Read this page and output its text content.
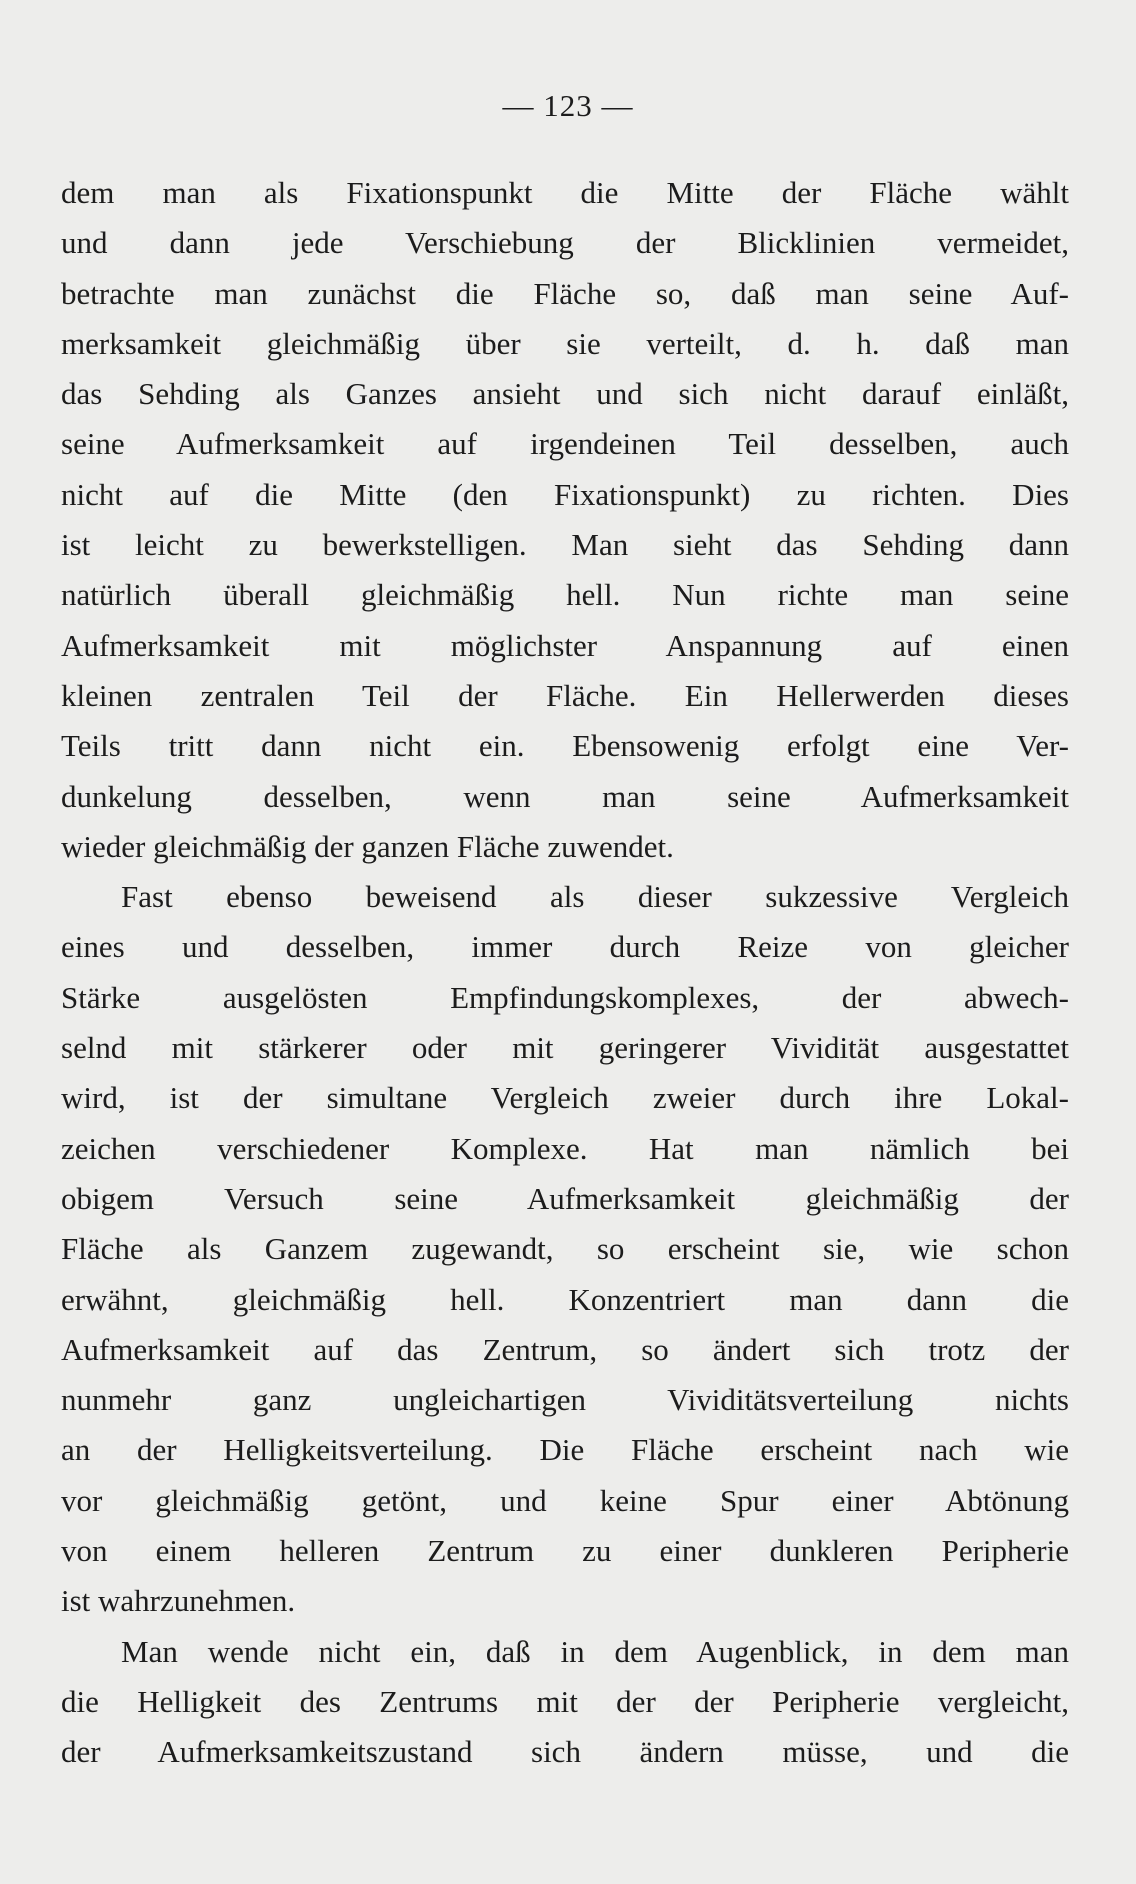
— 123 —
dem man als Fixationspunkt die Mitte der Fläche wählt
und dann jede Verschiebung der Blicklinien vermeidet,
betrachte man zunächst die Fläche so, daß man seine Auf-
merksamkeit gleichmäßig über sie verteilt, d. h. daß man
das Sehding als Ganzes ansieht und sich nicht darauf einläßt,
seine Aufmerksamkeit auf irgendeinen Teil desselben, auch
nicht auf die Mitte (den Fixationspunkt) zu richten. Dies
ist leicht zu bewerkstelligen. Man sieht das Sehding dann
natürlich überall gleichmäßig hell. Nun richte man seine
Aufmerksamkeit mit möglichster Anspannung auf einen
kleinen zentralen Teil der Fläche. Ein Hellerwerden dieses
Teils tritt dann nicht ein. Ebensowenig erfolgt eine Ver-
dunkelung desselben, wenn man seine Aufmerksamkeit
wieder gleichmäßig der ganzen Fläche zuwendet.
Fast ebenso beweisend als dieser sukzessive Vergleich
eines und desselben, immer durch Reize von gleicher
Stärke ausgelösten Empfindungskomplexes, der abwech-
selnd mit stärkerer oder mit geringerer Vividität ausgestattet
wird, ist der simultane Vergleich zweier durch ihre Lokal-
zeichen verschiedener Komplexe. Hat man nämlich bei
obigem Versuch seine Aufmerksamkeit gleichmäßig der
Fläche als Ganzem zugewandt, so erscheint sie, wie schon
erwähnt, gleichmäßig hell. Konzentriert man dann die
Aufmerksamkeit auf das Zentrum, so ändert sich trotz der
nunmehr ganz ungleichartigen Vividitätsverteilung nichts
an der Helligkeitsverteilung. Die Fläche erscheint nach wie
vor gleichmäßig getönt, und keine Spur einer Abtönung
von einem helleren Zentrum zu einer dunkleren Peripherie
ist wahrzunehmen.
Man wende nicht ein, daß in dem Augenblick, in dem man
die Helligkeit des Zentrums mit der der Peripherie vergleicht,
der Aufmerksamkeitszustand sich ändern müsse, und die
